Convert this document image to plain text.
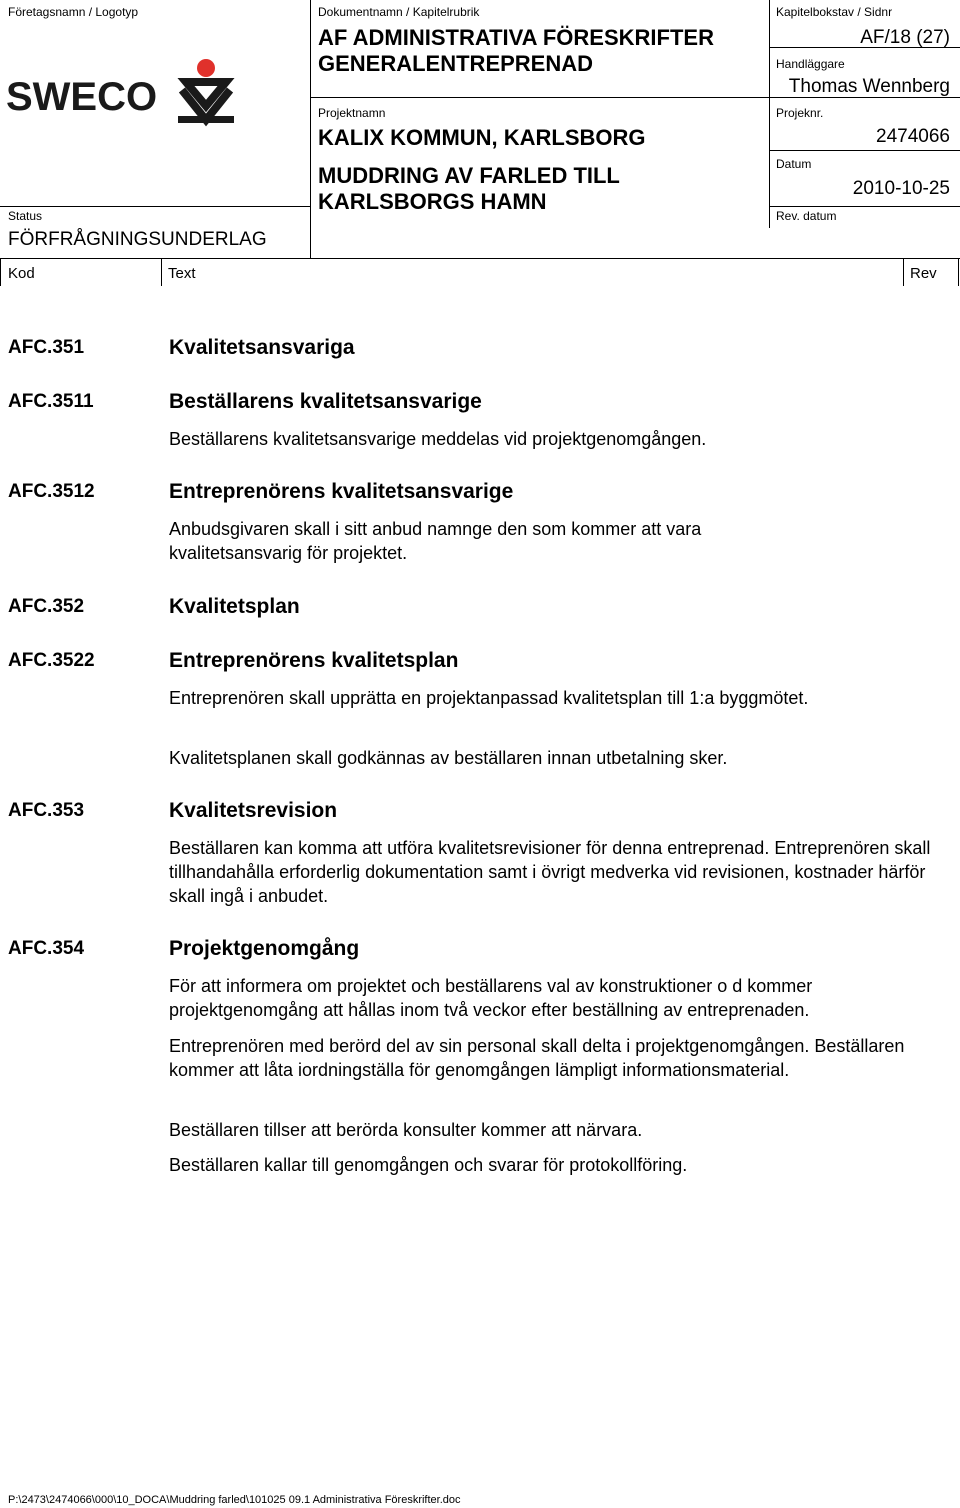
Företagsnamn / Logotyp
SWECO
Dokumentnamn / Kapitelrubrik
AF ADMINISTRATIVA FÖRESKRIFTER
GENERALENTREPRENAD
Kapitelbokstav / Sidnr
AF/18 (27)
Handläggare
Thomas Wennberg
Projektnamn
KALIX KOMMUN, KARLSBORG
MUDDRING AV FARLED TILL
KARLSBORGS HAMN
Projeknr.
2474066
Datum
2010-10-25
Rev. datum
Status
FÖRFRÅGNINGSUNDERLAG
Kod	Text	Rev
AFC.351	Kvalitetsansvariga
AFC.3511	Beställarens kvalitetsansvarige
Beställarens kvalitetsansvarige meddelas vid projektgenomgången.
AFC.3512	Entreprenörens kvalitetsansvarige
Anbudsgivaren skall i sitt anbud namnge den som kommer att vara kvalitetsansvarig för projektet.
AFC.352	Kvalitetsplan
AFC.3522	Entreprenörens kvalitetsplan
Entreprenören skall upprätta en projektanpassad kvalitetsplan till 1:a byggmötet.
Kvalitetsplanen skall godkännas av beställaren innan utbetalning sker.
AFC.353	Kvalitetsrevision
Beställaren kan komma att utföra kvalitetsrevisioner för denna entreprenad. Entreprenören skall tillhandahålla erforderlig dokumentation samt i övrigt medverka vid revisionen, kostnader härför skall ingå i anbudet.
AFC.354	Projektgenomgång
För att informera om projektet och beställarens val av konstruktioner o d kommer projektgenomgång att hållas inom två veckor efter beställning av entreprenaden.
Entreprenören med berörd del av sin personal skall delta i projektgenomgången. Beställaren kommer att låta iordningställa för genomgången lämpligt informationsmaterial.
Beställaren tillser att berörda konsulter kommer att närvara.
Beställaren kallar till genomgången och svarar för protokollföring.
P:\2473\2474066\000\10_DOCA\Muddring farled\101025 09.1 Administrativa Föreskrifter.doc
